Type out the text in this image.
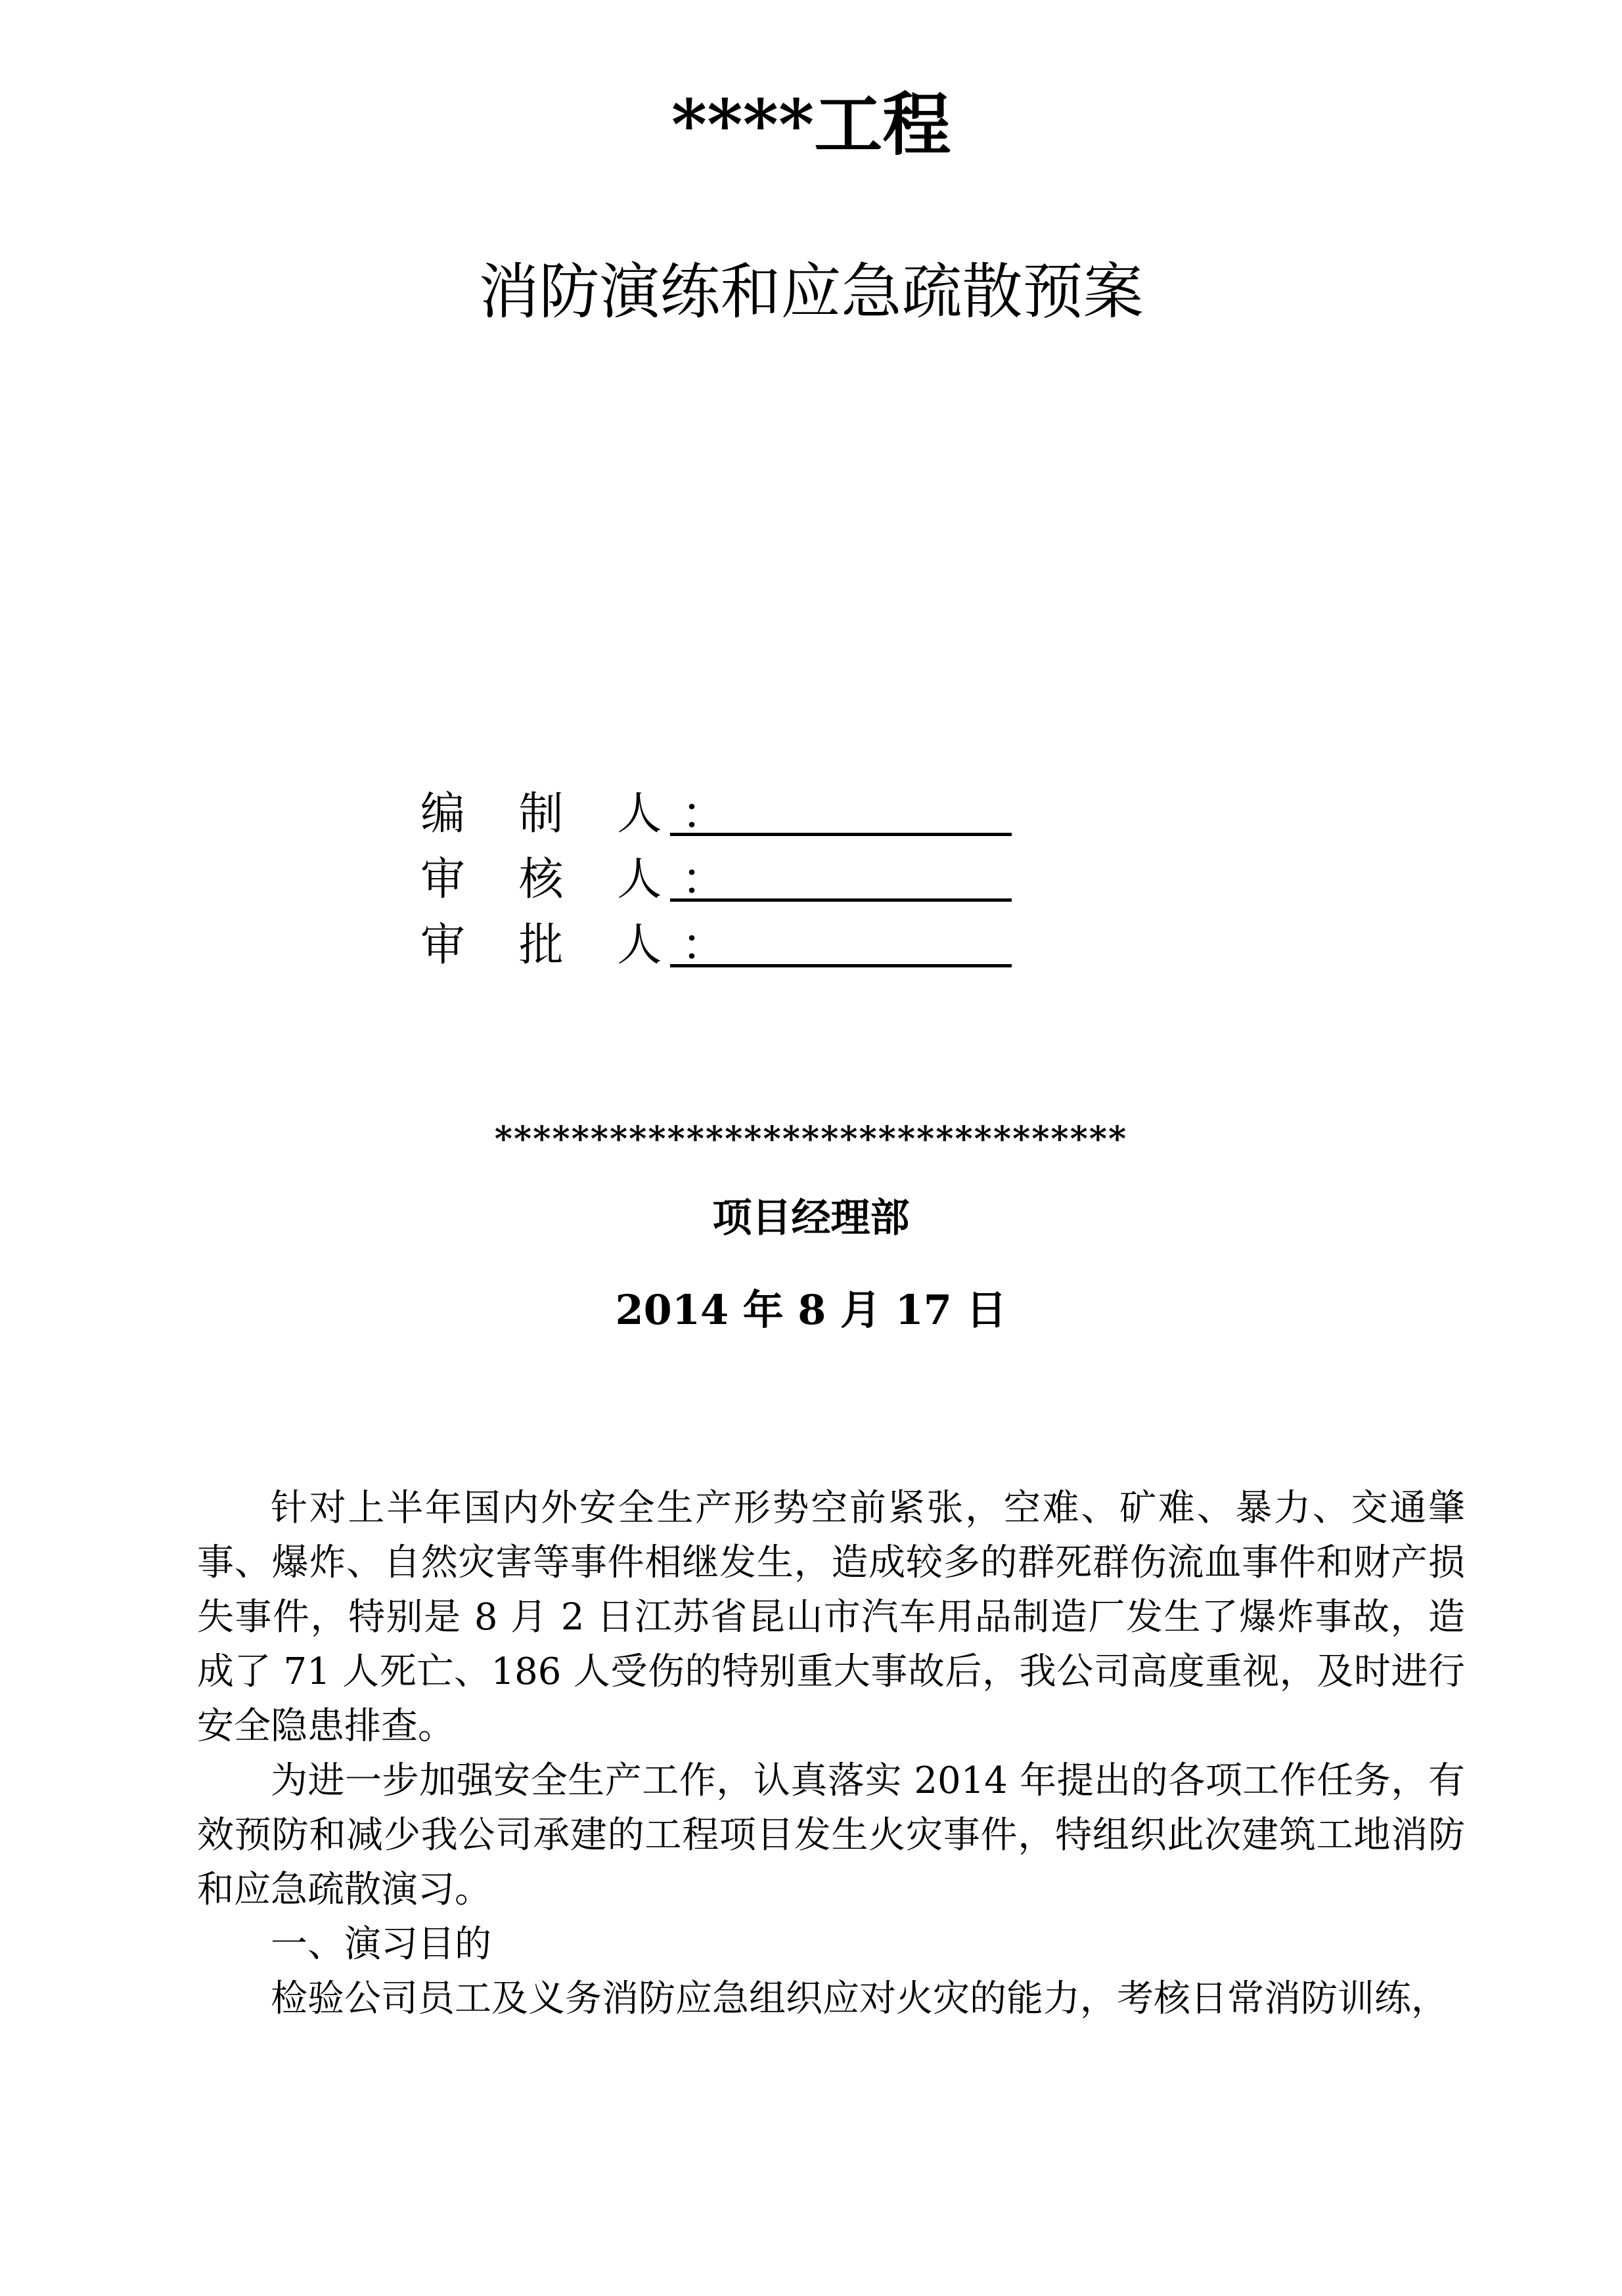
****工程
消防演练和应急疏散预案
编 制 人：
审 核 人：
审 批 人：
*********************************
项目经理部
2014 年 8 月 17 日

针对上半年国内外安全生产形势空前紧张，空难、矿难、暴力、交通肇事、爆炸、自然灾害等事件相继发生，造成较多的群死群伤流血事件和财产损失事件，特别是 8 月 2 日江苏省昆山市汽车用品制造厂发生了爆炸事故，造成了 71 人死亡、186 人受伤的特别重大事故后，我公司高度重视，及时进行安全隐患排查。

为进一步加强安全生产工作，认真落实 2014 年提出的各项工作任务，有效预防和减少我公司承建的工程项目发生火灾事件，特组织此次建筑工地消防和应急疏散演习。

一、演习目的

检验公司员工及义务消防应急组织应对火灾的能力，考核日常消防训练，
